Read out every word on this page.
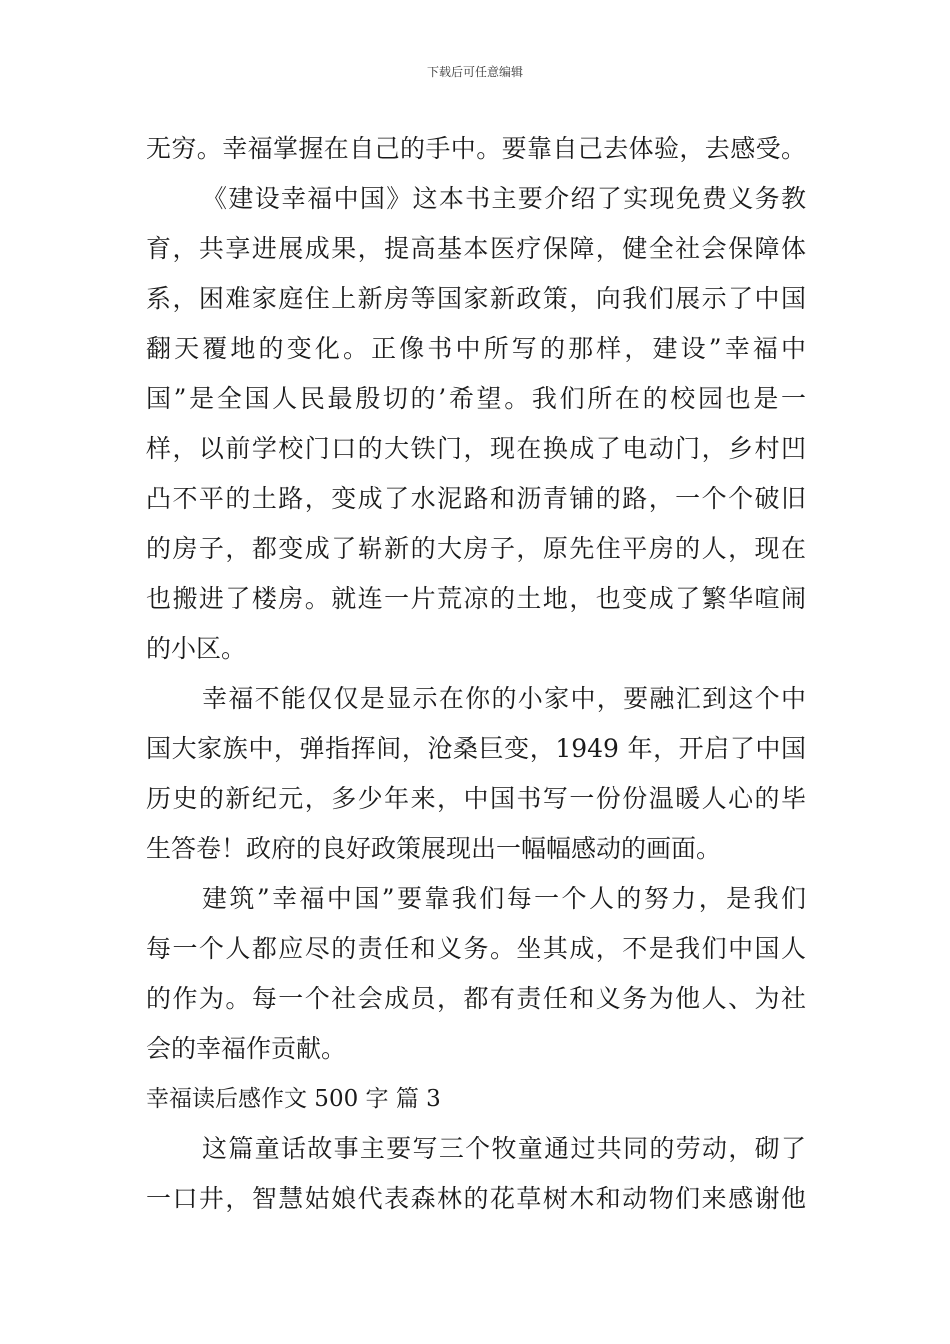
下载后可任意编辑
无穷。幸福掌握在自己的手中。要靠自己去体验，去感受。
《建设幸福中国》这本书主要介绍了实现免费义务教
育，共享进展成果，提高基本医疗保障，健全社会保障体
系，困难家庭住上新房等国家新政策，向我们展示了中国
翻天覆地的变化。正像书中所写的那样，建设”幸福中
国”是全国人民最殷切的’希望。我们所在的校园也是一
样，以前学校门口的大铁门，现在换成了电动门，乡村凹
凸不平的土路，变成了水泥路和沥青铺的路，一个个破旧
的房子，都变成了崭新的大房子，原先住平房的人，现在
也搬进了楼房。就连一片荒凉的土地，也变成了繁华喧闹
的小区。
幸福不能仅仅是显示在你的小家中，要融汇到这个中
国大家族中，弹指挥间，沧桑巨变，1949 年，开启了中国
历史的新纪元，多少年来，中国书写一份份温暖人心的毕
生答卷！政府的良好政策展现出一幅幅感动的画面。
建筑”幸福中国”要靠我们每一个人的努力，是我们
每一个人都应尽的责任和义务。坐其成，不是我们中国人
的作为。每一个社会成员，都有责任和义务为他人、为社
会的幸福作贡献。
幸福读后感作文 500 字 篇 3
这篇童话故事主要写三个牧童通过共同的劳动，砌了
一口井，智慧姑娘代表森林的花草树木和动物们来感谢他
